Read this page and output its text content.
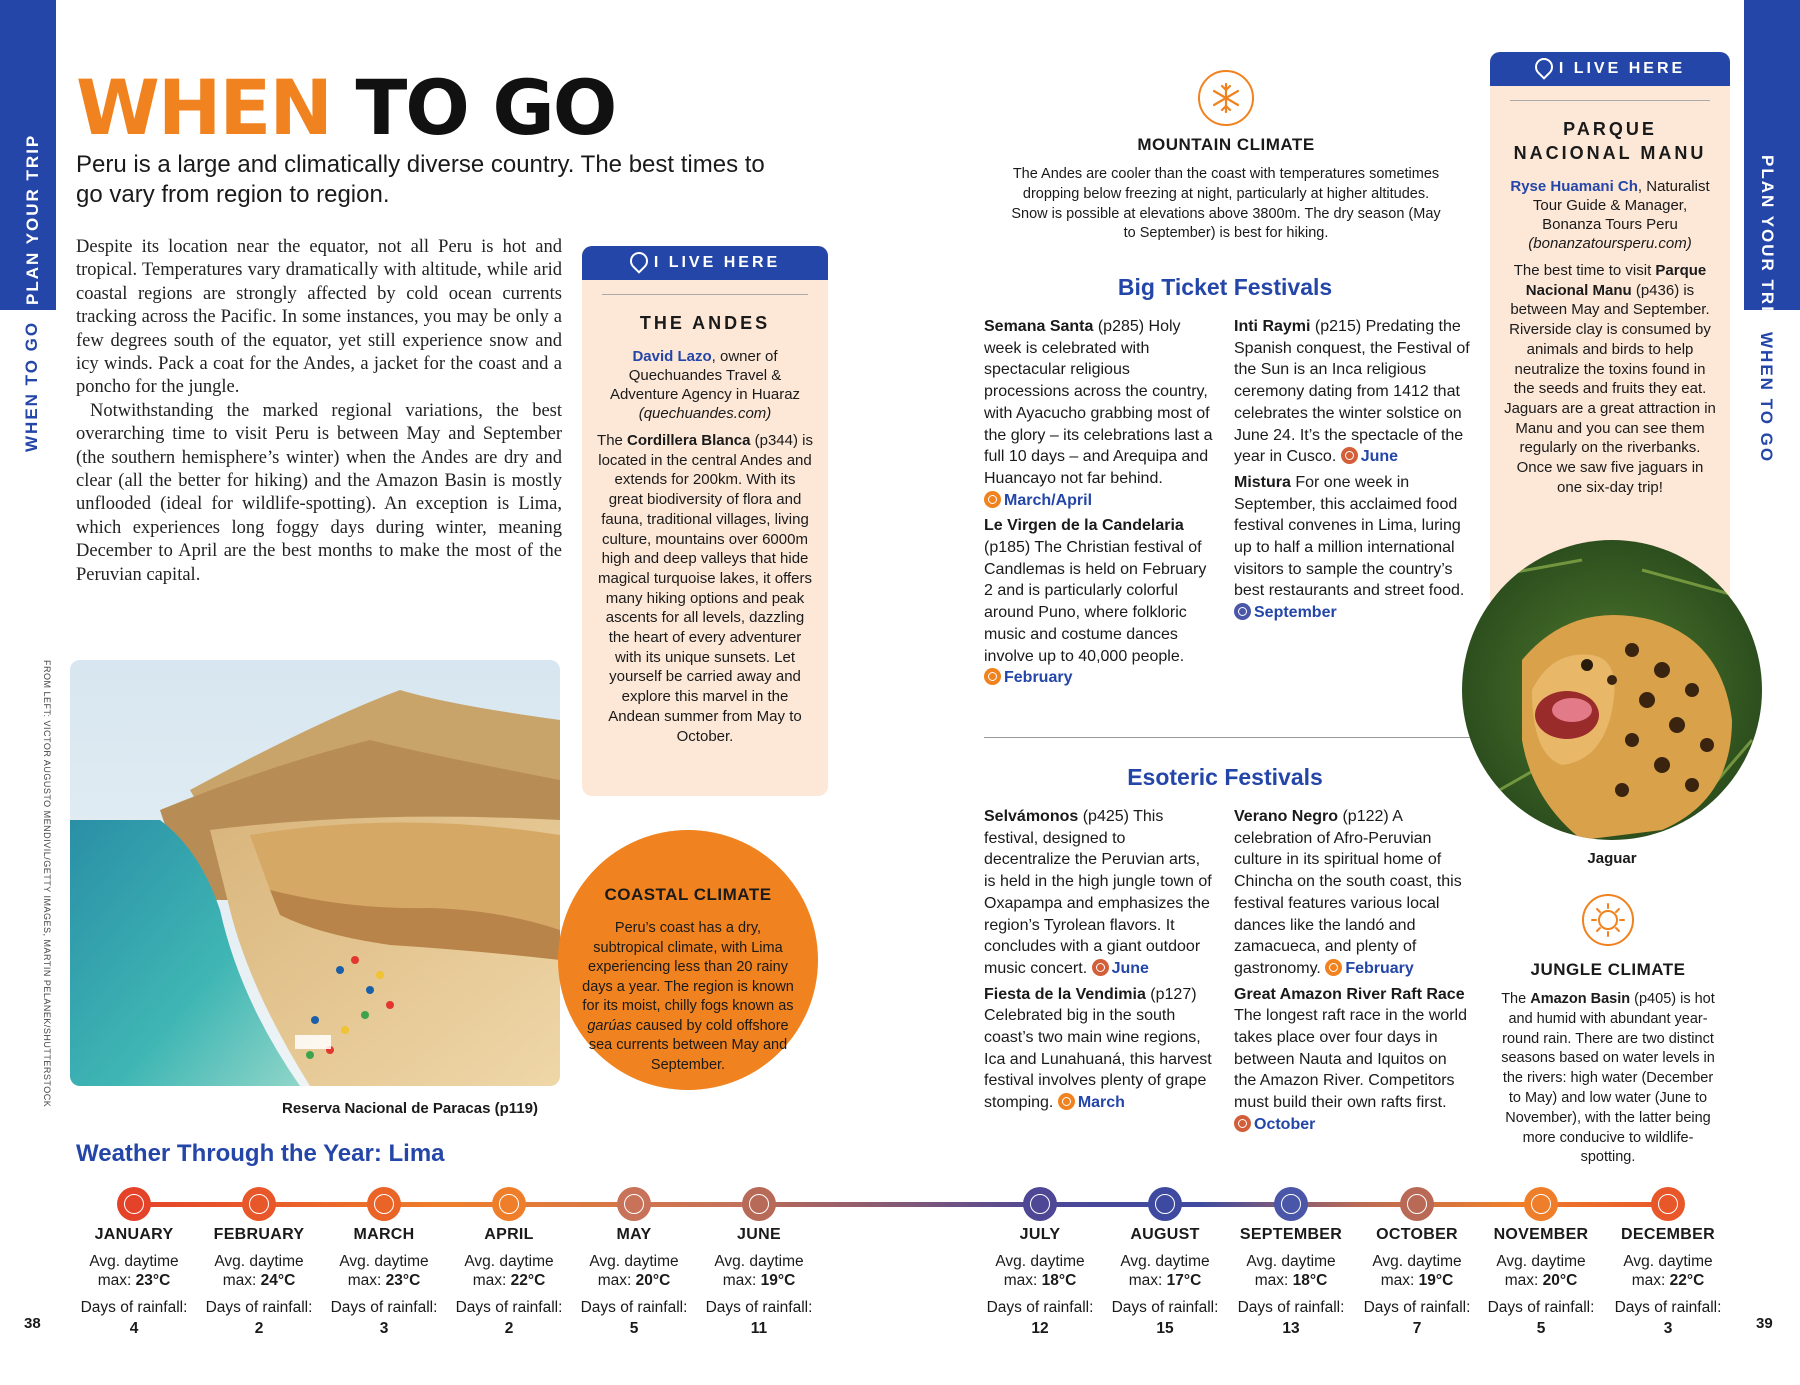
PLAN YOUR TRIP
WHEN TO GO
PLAN YOUR TRIP
WHEN TO GO
WHEN TO GO
Peru is a large and climatically diverse country. The best times to go vary from region to region.

Despite its location near the equator, not all Peru is hot and tropical. Temperatures vary dramatically with altitude, while arid coastal regions are strongly affected by cold ocean currents tracking across the Pacific. In some instances, you may be only a few degrees south of the equator, yet still experience snow and icy winds. Pack a coat for the Andes, a jacket for the coast and a poncho for the jungle.

Notwithstanding the marked regional variations, the best overarching time to visit Peru is between May and September (the southern hemisphere’s winter) when the Andes are dry and clear (all the better for hiking) and the Amazon Basin is mostly unflooded (ideal for wildlife-spotting). An exception is Lima, which experiences long foggy days during winter, meaning December to April are the best months to make the most of the Peruvian capital.

FROM LEFT: VICTOR AUGUSTO MENDIVIL/GETTY IMAGES, MARTIN PELANEK/SHUTTERSTOCK
Reserva Nacional de Paracas (p119)
I LIVE HERE
THE ANDES
David Lazo, owner of Quechuandes Travel & Adventure Agency in Huaraz
(quechuandes.com)
The Cordillera Blanca (p344) is located in the central Andes and extends for 200km. With its great biodiversity of flora and fauna, traditional villages, living culture, mountains over 6000m high and deep valleys that hide magical turquoise lakes, it offers many hiking options and peak ascents for all levels, dazzling the heart of every adventurer with its unique sunsets. Let yourself be carried away and explore this marvel in the Andean summer from May to October.
COASTAL CLIMATE

Peru’s coast has a dry, subtropical climate, with Lima experiencing less than 20 rainy days a year. The region is known for its moist, chilly fogs known as garúas caused by cold offshore sea currents between May and September.

MOUNTAIN CLIMATE
The Andes are cooler than the coast with temperatures sometimes dropping below freezing at night, particularly at higher altitudes. Snow is possible at elevations above 3800m. The dry season (May to September) is best for hiking.
Big Ticket Festivals
Semana Santa (p285) Holy week is celebrated with spectacular religious processions across the country, with Ayacucho grabbing most of the glory – its celebrations last a full 10 days – and Arequipa and Huancayo not far behind. March/April
Le Virgen de la Candelaria (p185) The Christian festival of Candlemas is held on February 2 and is particularly colorful around Puno, where folkloric music and costume dances involve up to 40,000 people. February
Inti Raymi (p215) Predating the Spanish conquest, the Festival of the Sun is an Inca religious ceremony dating from 1412 that celebrates the winter solstice on June 24. It’s the spectacle of the year in Cusco. June
Mistura For one week in September, this acclaimed food festival convenes in Lima, luring up to half a million international visitors to sample the country’s best restaurants and street food. September
Esoteric Festivals
Selvámonos (p425) This festival, designed to decentralize the Peruvian arts, is held in the high jungle town of Oxapampa and emphasizes the region’s Tyrolean flavors. It concludes with a giant outdoor music concert. June
Fiesta de la Vendimia (p127) Celebrated big in the south coast’s two main wine regions, Ica and Lunahuaná, this harvest festival involves plenty of grape stomping. March
Verano Negro (p122) A celebration of Afro-Peruvian culture in its spiritual home of Chincha on the south coast, this festival features various local dances like the landó and zamacueca, and plenty of gastronomy. February
Great Amazon River Raft Race The longest raft race in the world takes place over four days in between Nauta and Iquitos on the Amazon River. Competitors must build their own rafts first. October
I LIVE HERE
PARQUE NACIONAL MANU
Ryse Huamani Ch, Naturalist Tour Guide & Manager, Bonanza Tours Peru
(bonanzatoursperu.com)
The best time to visit Parque Nacional Manu (p436) is between May and September. Riverside clay is consumed by animals and birds to help neutralize the toxins found in the seeds and fruits they eat. Jaguars are a great attraction in Manu and you can see them regularly on the riverbanks. Once we saw five jaguars in one six-day trip!
Jaguar
JUNGLE CLIMATE
The Amazon Basin (p405) is hot and humid with abundant year-round rain. There are two distinct seasons based on water levels in the rivers: high water (December to May) and low water (June to November), with the latter being more conducive to wildlife-spotting.
Weather Through the Year: Lima
JANUARY
Avg. daytime max: 23°C
Days of rainfall:
4
FEBRUARY
Avg. daytime max: 24°C
Days of rainfall:
2
MARCH
Avg. daytime max: 23°C
Days of rainfall:
3
APRIL
Avg. daytime max: 22°C
Days of rainfall:
2
MAY
Avg. daytime max: 20°C
Days of rainfall:
5
JUNE
Avg. daytime max: 19°C
Days of rainfall:
11
JULY
Avg. daytime max: 18°C
Days of rainfall:
12
AUGUST
Avg. daytime max: 17°C
Days of rainfall:
15
SEPTEMBER
Avg. daytime max: 18°C
Days of rainfall:
13
OCTOBER
Avg. daytime max: 19°C
Days of rainfall:
7
NOVEMBER
Avg. daytime max: 20°C
Days of rainfall:
5
DECEMBER
Avg. daytime max: 22°C
Days of rainfall:
3
38	39
